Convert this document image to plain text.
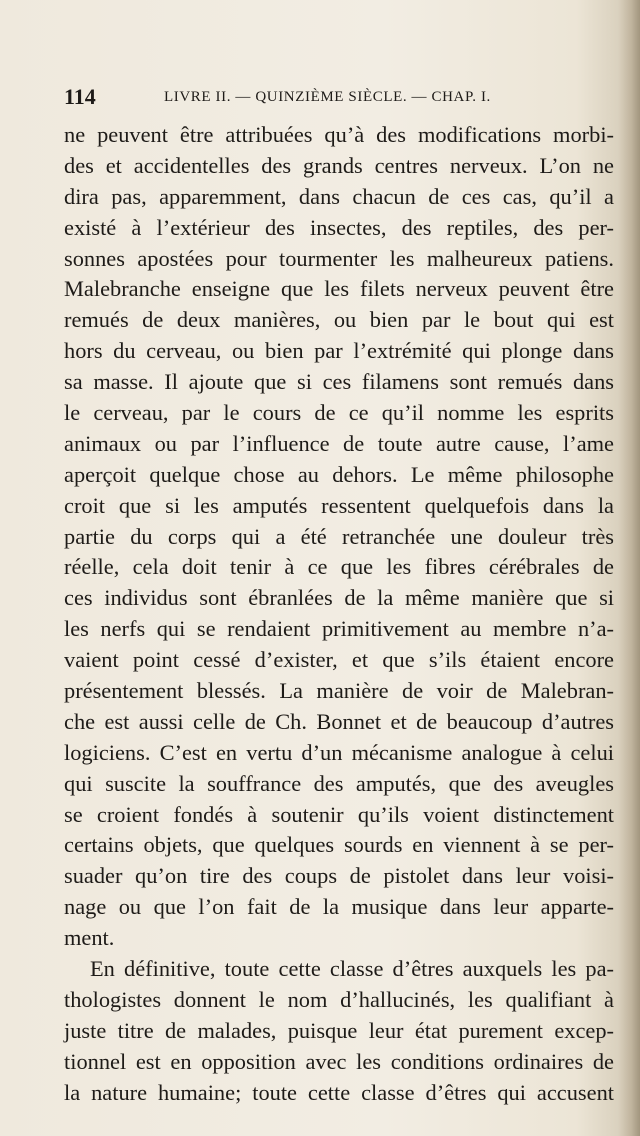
114	LIVRE II. — QUINZIÈME SIÈCLE. — CHAP. I.
ne peuvent être attribuées qu’à des modifications morbi-
des et accidentelles des grands centres nerveux. L’on ne
dira pas, apparemment, dans chacun de ces cas, qu’il a
existé à l’extérieur des insectes, des reptiles, des per-
sonnes apostées pour tourmenter les malheureux patiens.
Malebranche enseigne que les filets nerveux peuvent être
remués de deux manières, ou bien par le bout qui est
hors du cerveau, ou bien par l’extrémité qui plonge dans
sa masse. Il ajoute que si ces filamens sont remués dans
le cerveau, par le cours de ce qu’il nomme les esprits
animaux ou par l’influence de toute autre cause, l’ame
aperçoit quelque chose au dehors. Le même philosophe
croit que si les amputés ressentent quelquefois dans la
partie du corps qui a été retranchée une douleur très
réelle, cela doit tenir à ce que les fibres cérébrales de
ces individus sont ébranlées de la même manière que si
les nerfs qui se rendaient primitivement au membre n’a-
vaient point cessé d’exister, et que s’ils étaient encore
présentement blessés. La manière de voir de Malebran-
che est aussi celle de Ch. Bonnet et de beaucoup d’autres
logiciens. C’est en vertu d’un mécanisme analogue à celui
qui suscite la souffrance des amputés, que des aveugles
se croient fondés à soutenir qu’ils voient distinctement
certains objets, que quelques sourds en viennent à se per-
suader qu’on tire des coups de pistolet dans leur voisi-
nage ou que l’on fait de la musique dans leur apparte-
ment.
En définitive, toute cette classe d’êtres auxquels les pa-
thologistes donnent le nom d’hallucinés, les qualifiant à
juste titre de malades, puisque leur état purement excep-
tionnel est en opposition avec les conditions ordinaires de
la nature humaine; toute cette classe d’êtres qui accusent
